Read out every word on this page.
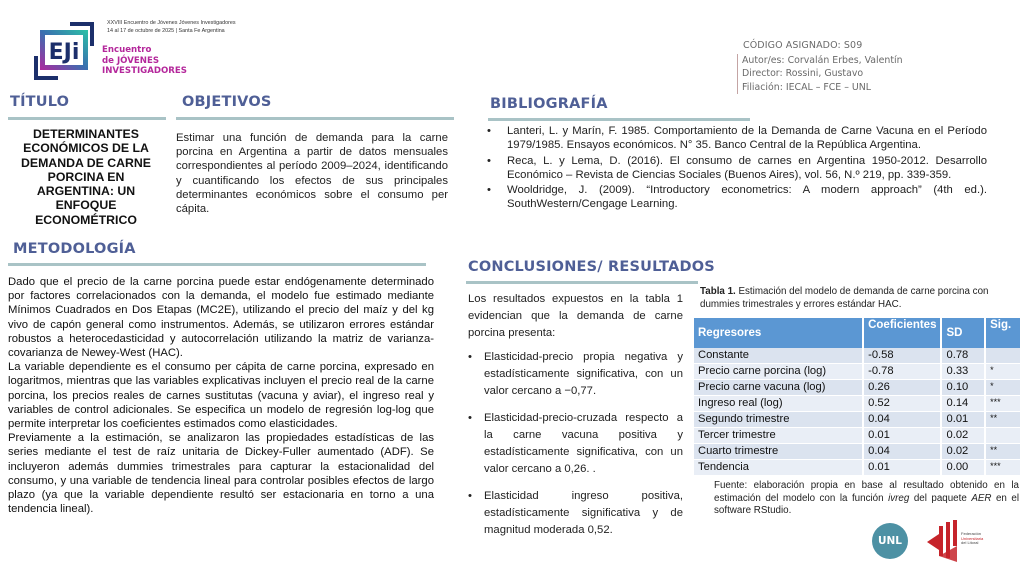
EJi
XXVIII Encuentro de Jóvenes Jóvenes Investigadores
14 al 17 de octubre de 2025 | Santa Fe Argentina
Encuentro
de JÓVENES
INVESTIGADORES
CÓDIGO ASIGNADO: S09
Autor/es: Corvalán Erbes, Valentín
Director: Rossini, Gustavo
Filiación: IECAL – FCE – UNL
TÍTULO
DETERMINANTES ECONÓMICOS DE LA DEMANDA DE CARNE PORCINA EN ARGENTINA: UN ENFOQUE ECONOMÉTRICO
OBJETIVOS
Estimar una función de demanda para la carne porcina en Argentina a partir de datos mensuales correspondientes al período 2009–2024, identificando y cuantificando los efectos de sus principales determinantes económicos sobre el consumo per cápita.
METODOLOGÍA

Dado que el precio de la carne porcina puede estar endógenamente determinado por factores correlacionados con la demanda, el modelo fue estimado mediante Mínimos Cuadrados en Dos Etapas (MC2E), utilizando el precio del maíz y del kg vivo de capón general como instrumentos. Además, se utilizaron errores estándar robustos a heterocedasticidad y autocorrelación utilizando la matriz de varianza-covarianza de Newey-West (HAC).

La variable dependiente es el consumo per cápita de carne porcina, expresado en logaritmos, mientras que las variables explicativas incluyen el precio real de la carne porcina, los precios reales de carnes sustitutas (vacuna y aviar), el ingreso real y variables de control adicionales. Se especifica un modelo de regresión log-log que permite interpretar los coeficientes estimados como elasticidades.

Previamente a la estimación, se analizaron las propiedades estadísticas de las series mediante el test de raíz unitaria de Dickey-Fuller aumentado (ADF). Se incluyeron además dummies trimestrales para capturar la estacionalidad del consumo, y una variable de tendencia lineal para controlar posibles efectos de largo plazo (ya que la variable dependiente resultó ser estacionaria en torno a una tendencia lineal).

BIBLIOGRAFÍA
• Lanteri, L. y Marín, F. 1985. Comportamiento de la Demanda de Carne Vacuna en el Período 1979/1985. Ensayos económicos. N° 35. Banco Central de la República Argentina.
• Reca, L. y Lema, D. (2016). El consumo de carnes en Argentina 1950-2012. Desarrollo Económico – Revista de Ciencias Sociales (Buenos Aires), vol. 56, N.º 219, pp. 339-359.
• Wooldridge, J. (2009). “Introductory econometrics: A modern approach” (4th ed.). SouthWestern/Cengage Learning.
CONCLUSIONES/ RESULTADOS

Los resultados expuestos en la tabla 1 evidencian que la demanda de carne porcina presenta:

• Elasticidad-precio propia negativa y estadísticamente significativa, con un valor cercano a −0,77.
• Elasticidad-precio-cruzada respecto a la carne vacuna positiva y estadísticamente significativa, con un valor cercano a 0,26. .
• Elasticidad ingreso positiva, estadísticamente significativa y de magnitud moderada 0,52.
Tabla 1. Estimación del modelo de demanda de carne porcina con dummies trimestrales y errores estándar HAC.
Regresores	Coeficientes	SD	Sig.
Constante	-0.58	0.78	
Precio carne porcina (log)	-0.78	0.33	*
Precio carne vacuna (log)	0.26	0.10	*
Ingreso real (log)	0.52	0.14	***
Segundo trimestre	0.04	0.01	**
Tercer trimestre	0.01	0.02	
Cuarto trimestre	0.04	0.02	**
Tendencia	0.01	0.00	***
Fuente: elaboración propia en base al resultado obtenido en la estimación del modelo con la función ivreg del paquete AER en el software RStudio.
UNL
Federación
Universitaria
del Litoral
